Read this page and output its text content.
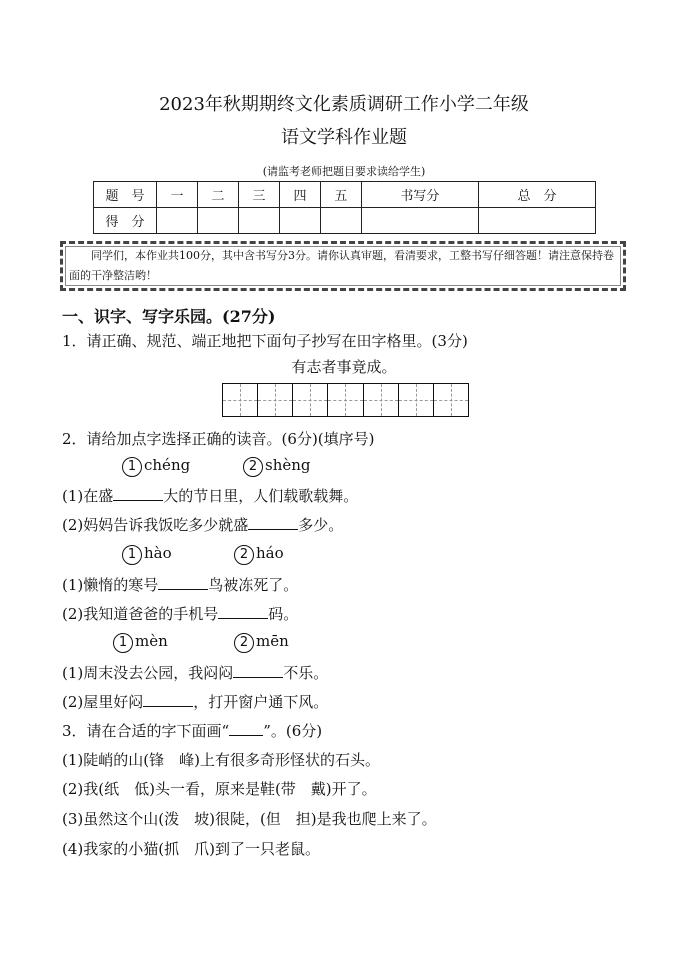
2023年秋期期终文化素质调研工作小学二年级
语文学科作业题
(请监考老师把题目要求读给学生)
题　号	一	二	三	四	五	书写分	总　分
得　分							
同学们，本作业共100分，其中含书写分3分。请你认真审题，看清要求，工整书写仔细答题！请注意保持卷面的干净整洁哟！
一、识字、写字乐园。(27分)
1．请正确、规范、端正地把下面句子抄写在田字格里。(3分)
有志者事竟成。
2．请给加点字选择正确的读音。(6分)(填序号)
1 chéng	2 shèng
(1)在盛	大的节日里，人们载歌载舞。
(2)妈妈告诉我饭吃多少就盛	多少。
1 hào	2 háo
(1)懒惰的寒号	鸟被冻死了。
(2)我知道爸爸的手机号	码。
1 mèn	2 mēn
(1)周末没去公园，我闷闷	不乐。
(2)屋里好闷	，打开窗户通下风。
3．请在合适的字下面画“ ”。(6分)
(1)陡峭的山(锋　峰)上有很多奇形怪状的石头。
(2)我(纸　低)头一看，原来是鞋(带　戴)开了。
(3)虽然这个山(泼　坡)很陡，(但　担)是我也爬上来了。
(4)我家的小猫(抓　爪)到了一只老鼠。
